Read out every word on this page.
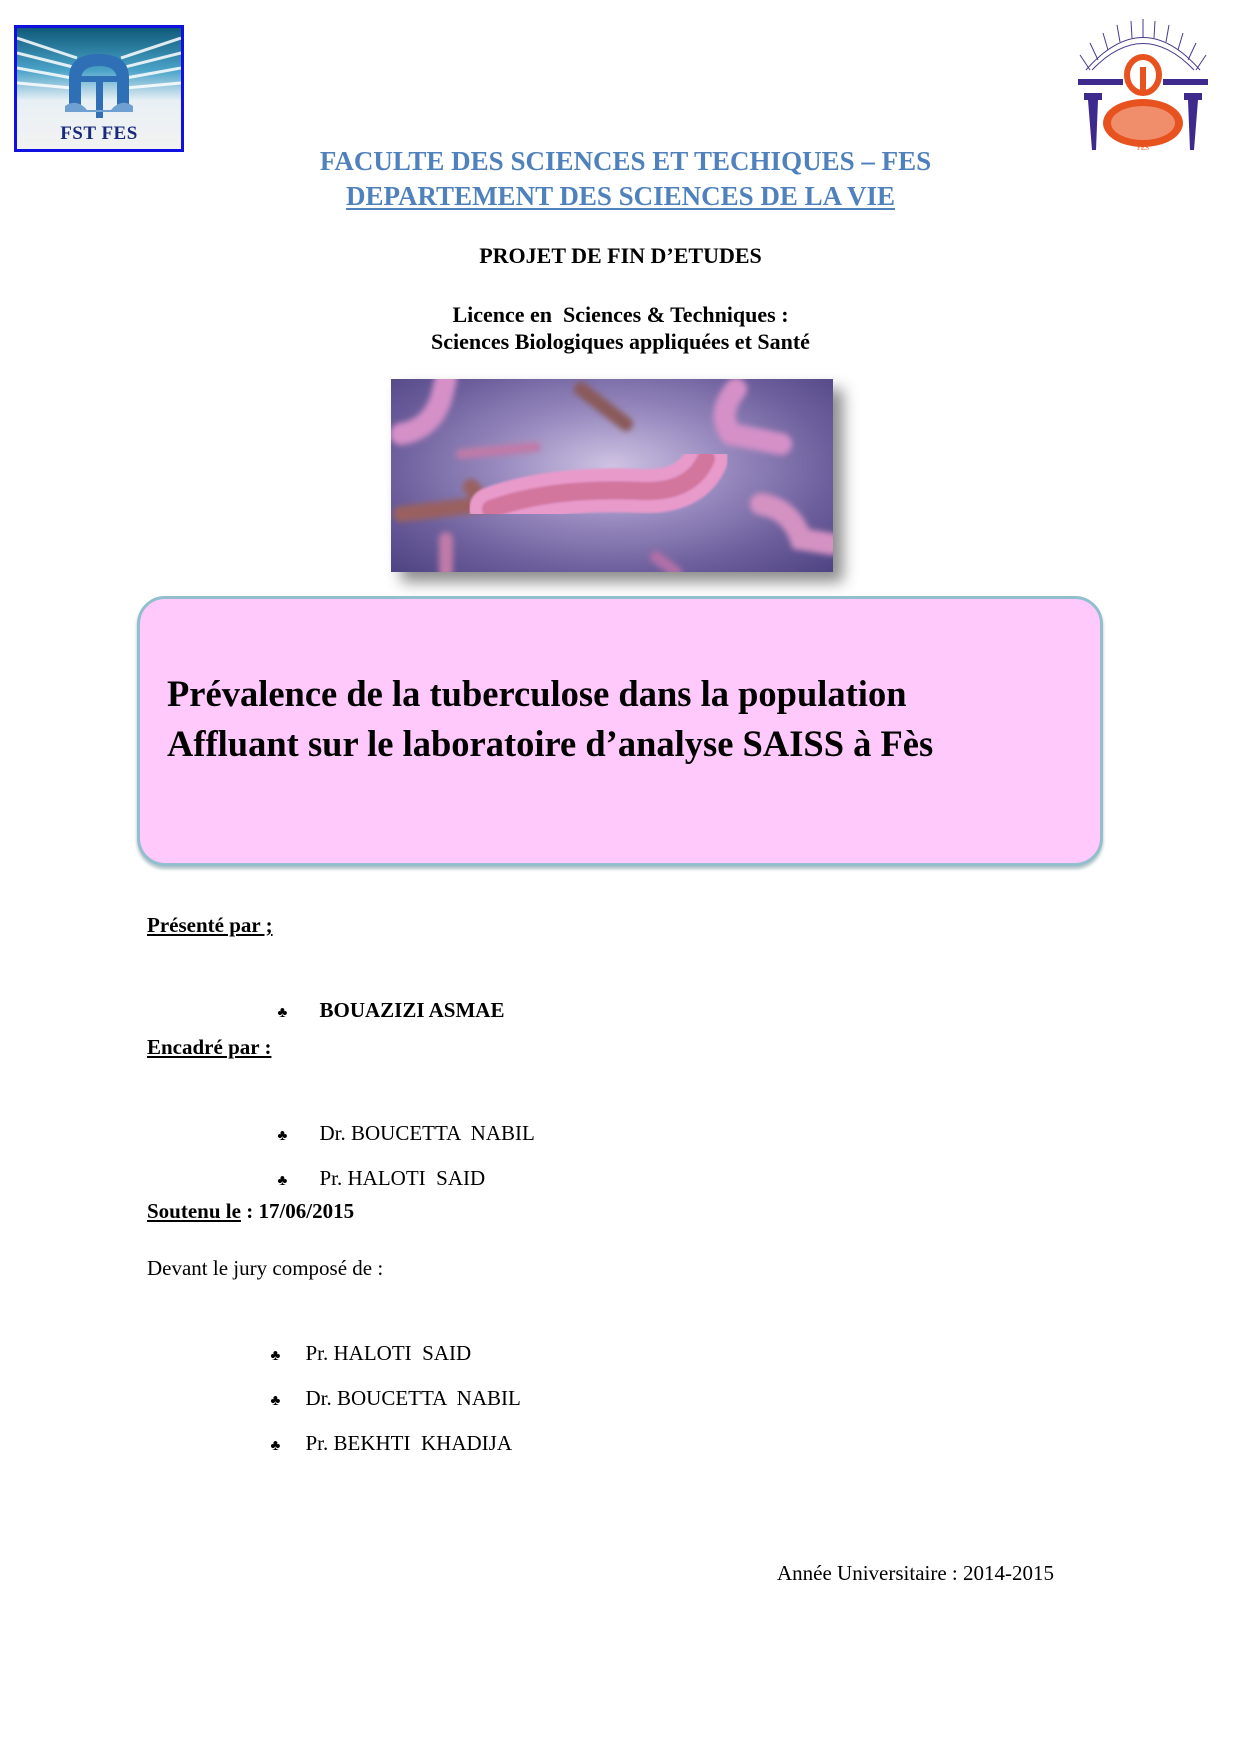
FST FES
FES
FACULTE DES SCIENCES ET TECHIQUES – FES
DEPARTEMENT DES SCIENCES DE LA VIE
PROJET DE FIN D’ETUDES
Licence en  Sciences & Techniques :
Sciences Biologiques appliquées et Santé
Prévalence de la tuberculose dans la population
Affluant sur le laboratoire d’analyse SAISS à Fès
Présenté par ;

♣ BOUAZIZI ASMAE

Encadré par :

♣ Dr. BOUCETTA  NABIL

♣ Pr. HALOTI  SAID

Soutenu le : 17/06/2015
Devant le jury composé de :

♣ Pr. HALOTI  SAID

♣ Dr. BOUCETTA  NABIL

♣ Pr. BEKHTI  KHADIJA

Année Universitaire : 2014-2015
